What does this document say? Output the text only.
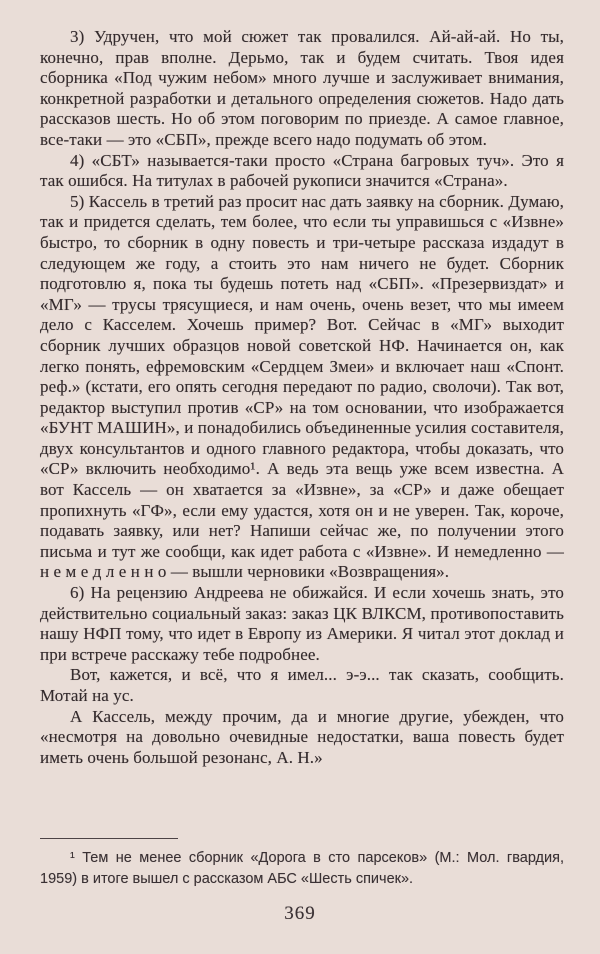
3) Удручен, что мой сюжет так провалился. Ай-ай-ай. Но ты, конечно, прав вполне. Дерьмо, так и будем считать. Твоя идея сборника «Под чужим небом» много лучше и заслуживает внимания, конкретной разработки и детального определения сюжетов. Надо дать рассказов шесть. Но об этом поговорим по приезде. А самое главное, все-таки — это «СБП», прежде всего надо подумать об этом.

4) «СБТ» называется-таки просто «Страна багровых туч». Это я так ошибся. На титулах в рабочей рукописи значится «Страна».

5) Кассель в третий раз просит нас дать заявку на сборник. Думаю, так и придется сделать, тем более, что если ты управишься с «Извне» быстро, то сборник в одну повесть и три-четыре рассказа издадут в следующем же году, а стоить это нам ничего не будет. Сборник подготовлю я, пока ты будешь потеть над «СБП». «Презервиздат» и «МГ» — трусы трясущиеся, и нам очень, очень везет, что мы имеем дело с Касселем. Хочешь пример? Вот. Сейчас в «МГ» выходит сборник лучших образцов новой советской НФ. Начинается он, как легко понять, ефремовским «Сердцем Змеи» и включает наш «Спонт. реф.» (кстати, его опять сегодня передают по радио, сволочи). Так вот, редактор выступил против «СР» на том основании, что изображается «БУНТ МАШИН», и понадобились объединенные усилия составителя, двух консультантов и одного главного редактора, чтобы доказать, что «СР» включить необходимо¹. А ведь эта вещь уже всем известна. А вот Кассель — он хватается за «Извне», за «СР» и даже обещает пропихнуть «ГФ», если ему удастся, хотя он и не уверен. Так, короче, подавать заявку, или нет? Напиши сейчас же, по получении этого письма и тут же сообщи, как идет работа с «Извне». И немедленно — н е м е д л е н н о — вышли черновики «Возвращения».

6) На рецензию Андреева не обижайся. И если хочешь знать, это действительно социальный заказ: заказ ЦК ВЛКСМ, противопоставить нашу НФП тому, что идет в Европу из Америки. Я читал этот доклад и при встрече расскажу тебе подробнее.

Вот, кажется, и всё, что я имел... э-э... так сказать, сообщить. Мотай на ус.

А Кассель, между прочим, да и многие другие, убежден, что «несмотря на довольно очевидные недостатки, ваша повесть будет иметь очень большой резонанс, А. Н.»

¹ Тем не менее сборник «Дорога в сто парсеков» (М.: Мол. гвардия, 1959) в итоге вышел с рассказом АБС «Шесть спичек».

369
